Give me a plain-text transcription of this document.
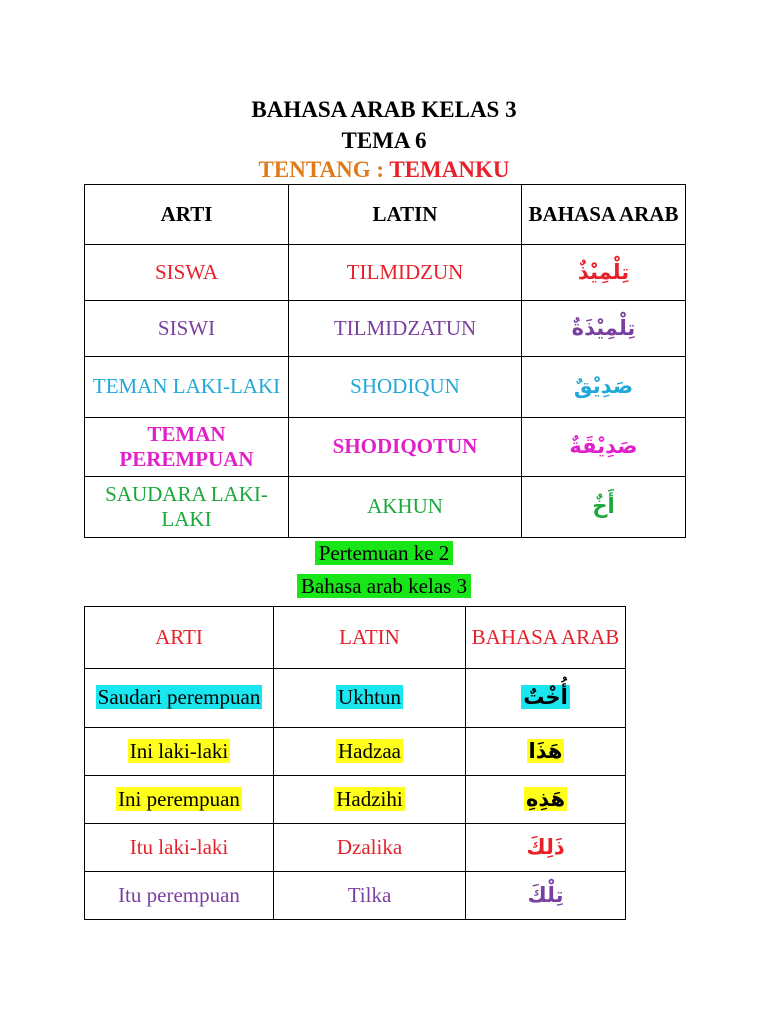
BAHASA ARAB KELAS 3
TEMA 6
TENTANG : TEMANKU
ARTI	LATIN	BAHASA ARAB
SISWA	TILMIDZUN	تِلْمِيْذٌ
SISWI	TILMIDZATUN	تِلْمِيْذَةٌ
TEMAN LAKI-LAKI	SHODIQUN	صَدِيْقٌ
TEMAN PEREMPUAN	SHODIQOTUN	صَدِيْقَةٌ
SAUDARA LAKI-LAKI	AKHUN	أَخٌ
Pertemuan ke 2
Bahasa arab kelas 3
ARTI	LATIN	BAHASA ARAB
Saudari perempuan	Ukhtun	أُخْتٌ
Ini laki-laki	Hadzaa	هَذَا
Ini perempuan	Hadzihi	هَذِهِ
Itu laki-laki	Dzalika	ذَلِكَ
Itu perempuan	Tilka	تِلْكَ
